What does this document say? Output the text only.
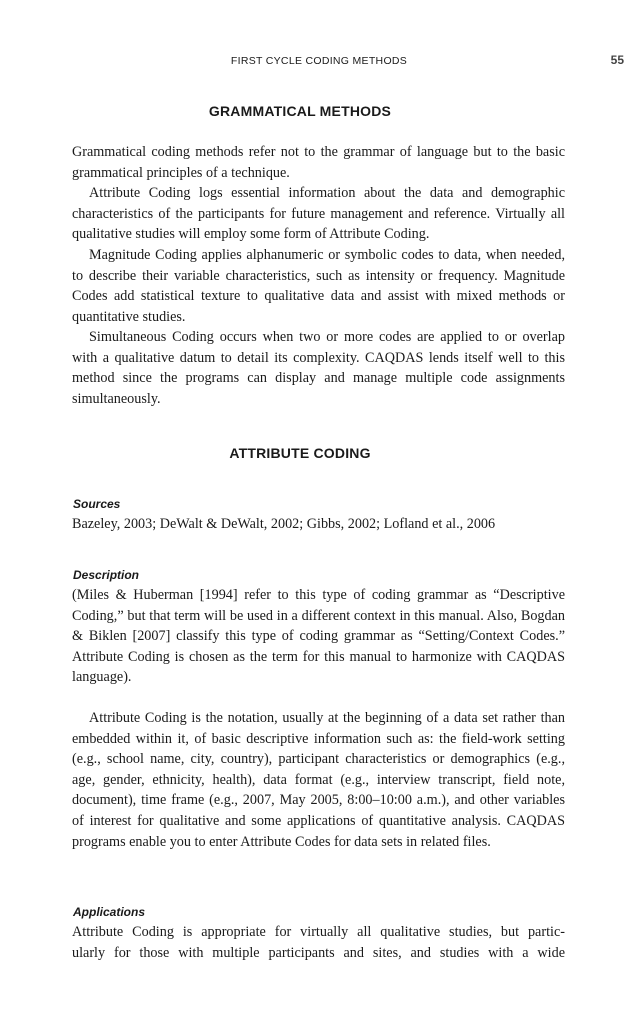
FIRST CYCLE CODING METHODS	55
GRAMMATICAL METHODS

Grammatical coding methods refer not to the grammar of language but to the basic grammatical principles of a technique.

Attribute Coding logs essential information about the data and demographic characteristics of the participants for future management and reference. Virtually all qualitative studies will employ some form of Attribute Coding.

Magnitude Coding applies alphanumeric or symbolic codes to data, when needed, to describe their variable characteristics, such as intensity or frequency. Magnitude Codes add statistical texture to qualitative data and assist with mixed methods or quantitative studies.

Simultaneous Coding occurs when two or more codes are applied to or overlap with a qualitative datum to detail its complexity. CAQDAS lends itself well to this method since the programs can display and manage multiple code assignments simultaneously.

ATTRIBUTE CODING
Sources

Bazeley, 2003; DeWalt & DeWalt, 2002; Gibbs, 2002; Lofland et al., 2006

Description

(Miles & Huberman [1994] refer to this type of coding grammar as “Descriptive Coding,” but that term will be used in a different context in this manual. Also, Bogdan & Biklen [2007] classify this type of coding grammar as “Setting/Context Codes.” Attribute Coding is chosen as the term for this manual to harmonize with CAQDAS language).

Attribute Coding is the notation, usually at the beginning of a data set rather than embedded within it, of basic descriptive information such as: the field-work setting (e.g., school name, city, country), participant characteristics or demographics (e.g., age, gender, ethnicity, health), data format (e.g., interview transcript, field note, document), time frame (e.g., 2007, May 2005, 8:00–10:00 a.m.), and other variables of interest for qualitative and some applications of quantitative analysis. CAQDAS programs enable you to enter Attribute Codes for data sets in related files.

Applications

Attribute Coding is appropriate for virtually all qualitative studies, but partic-

ularly for those with multiple participants and sites, and studies with a wide
